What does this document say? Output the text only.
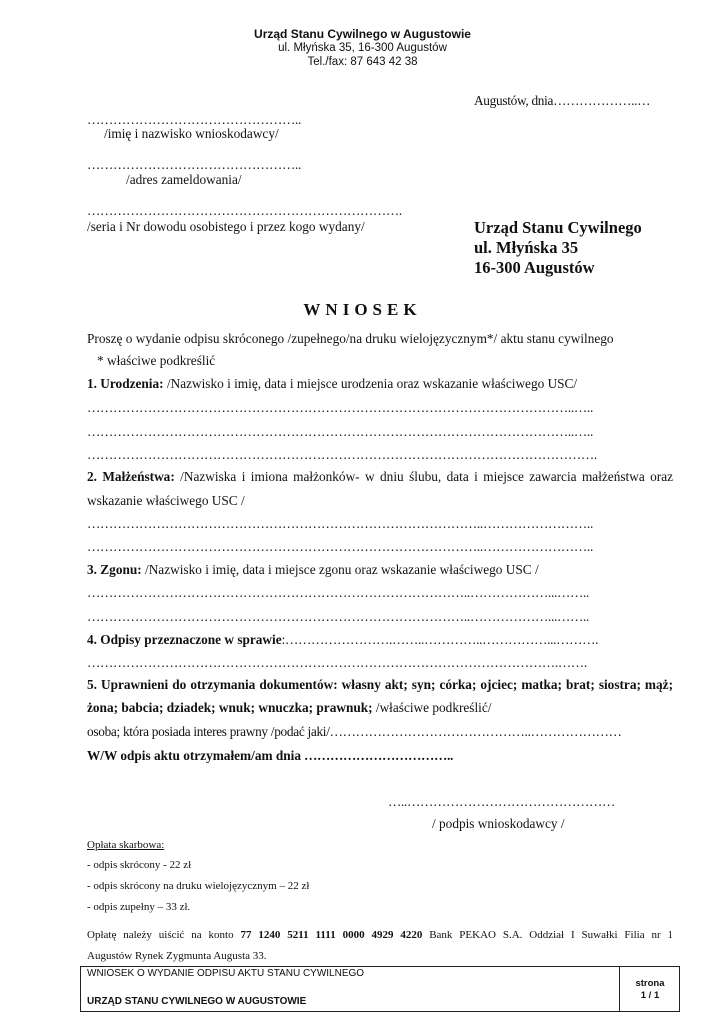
Urząd Stanu Cywilnego w Augustowie
ul. Młyńska 35, 16-300 Augustów
Tel./fax: 87 643 42 38
Augustów, dnia………………..…
…………………………………………..
/imię i nazwisko wnioskodawcy/
…………………………………………..
/adres zameldowania/
……………………………………………………………….
/seria i Nr dowodu osobistego i przez kogo wydany/	Urząd Stanu Cywilnego
ul. Młyńska 35
16-300 Augustów
WNIOSEK
Proszę o wydanie odpisu skróconego /zupełnego/na druku wielojęzycznym*/ aktu stanu cywilnego
* właściwe podkreślić
1. Urodzenia: /Nazwisko i imię, data i miejsce urodzenia oraz wskazanie właściwego USC/
…………………………………………………………………………………………………..…..
…………………………………………………………………………………………………..…..
……………………………………………………………………………………………………….
2. Małżeństwa: /Nazwiska i imiona małżonków- w dniu ślubu, data i miejsce zawarcia małżeństwa oraz
wskazanie właściwego USC /
………………………………………………………………………………..……………………..
………………………………………………………………………………..……………………..
3. Zgonu: /Nazwisko i imię, data i miejsce zgonu oraz wskazanie właściwego USC /
……………………………………………………………………………..………………...……..
……………………………………………………………………………..………………...……..
4. Odpisy przeznaczone w sprawie:…………………….……..…………..……………...……….
……………………………………………………………………………………………….…….
5. Uprawnieni do otrzymania dokumentów: własny akt; syn; córka; ojciec; matka; brat; siostra; mąż;
żona; babcia; dziadek; wnuk; wnuczka; prawnuk; /właściwe podkreślić/
osoba; która posiada interes prawny /podać jaki/………………………………………..…………………
W/W odpis aktu otrzymałem/am dnia ……………………………..
…..…………………………………………
/ podpis wnioskodawcy /
Opłata skarbowa:
- odpis skrócony - 22 zł
- odpis skrócony na druku wielojęzycznym – 22 zł
- odpis zupełny – 33 zł.
Opłatę należy uiścić na konto 77 1240 5211 1111 0000 4929 4220 Bank PEKAO S.A. Oddział I Suwałki Filia nr 1
Augustów Rynek Zygmunta Augusta 33.
WNIOSEK O WYDANIE ODPISU AKTU STANU CYWILNEGO
URZĄD STANU CYWILNEGO W AUGUSTOWIE
strona
1 / 1
